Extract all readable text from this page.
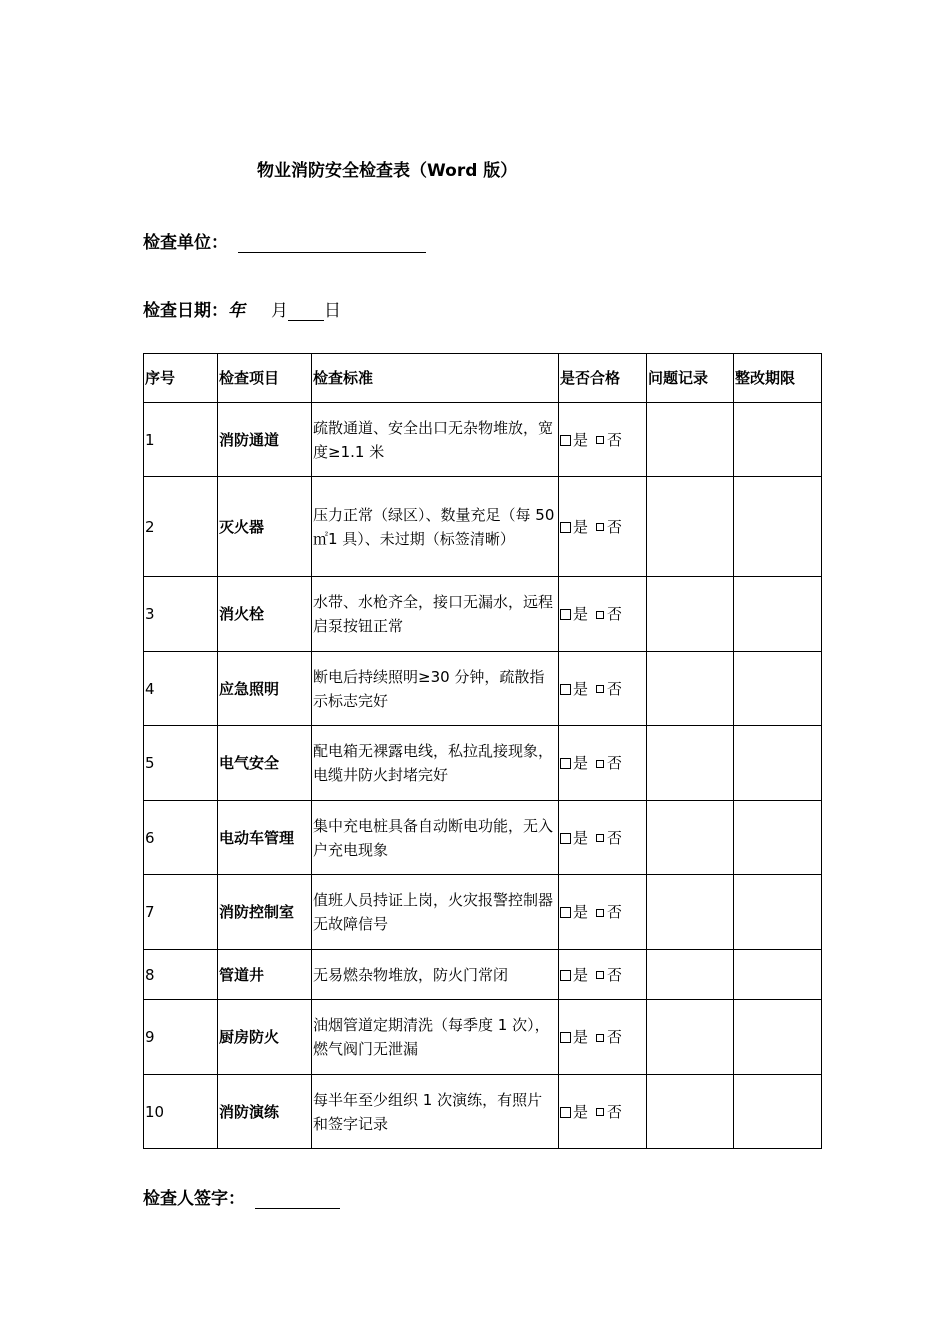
物业消防安全检查表（Word 版）
检查单位：
检查日期： 年 月 日
序号	检查项目	检查标准	是否合格	问题记录	整改期限
1	消防通道	疏散通道、安全出口无杂物堆放，宽度≥1.1 米	是 否		
2	灭火器	压力正常（绿区）、数量充足（每 50㎡1 具）、未过期（标签清晰）	是 否		
3	消火栓	水带、水枪齐全，接口无漏水，远程启泵按钮正常	是 否		
4	应急照明	断电后持续照明≥30 分钟，疏散指示标志完好	是 否		
5	电气安全	配电箱无裸露电线，私拉乱接现象，电缆井防火封堵完好	是 否		
6	电动车管理	集中充电桩具备自动断电功能，无入户充电现象	是 否		
7	消防控制室	值班人员持证上岗，火灾报警控制器无故障信号	是 否		
8	管道井	无易燃杂物堆放，防火门常闭	是 否		
9	厨房防火	油烟管道定期清洗（每季度 1 次），燃气阀门无泄漏	是 否		
10	消防演练	每半年至少组织 1 次演练，有照片和签字记录	是 否		
检查人签字：
